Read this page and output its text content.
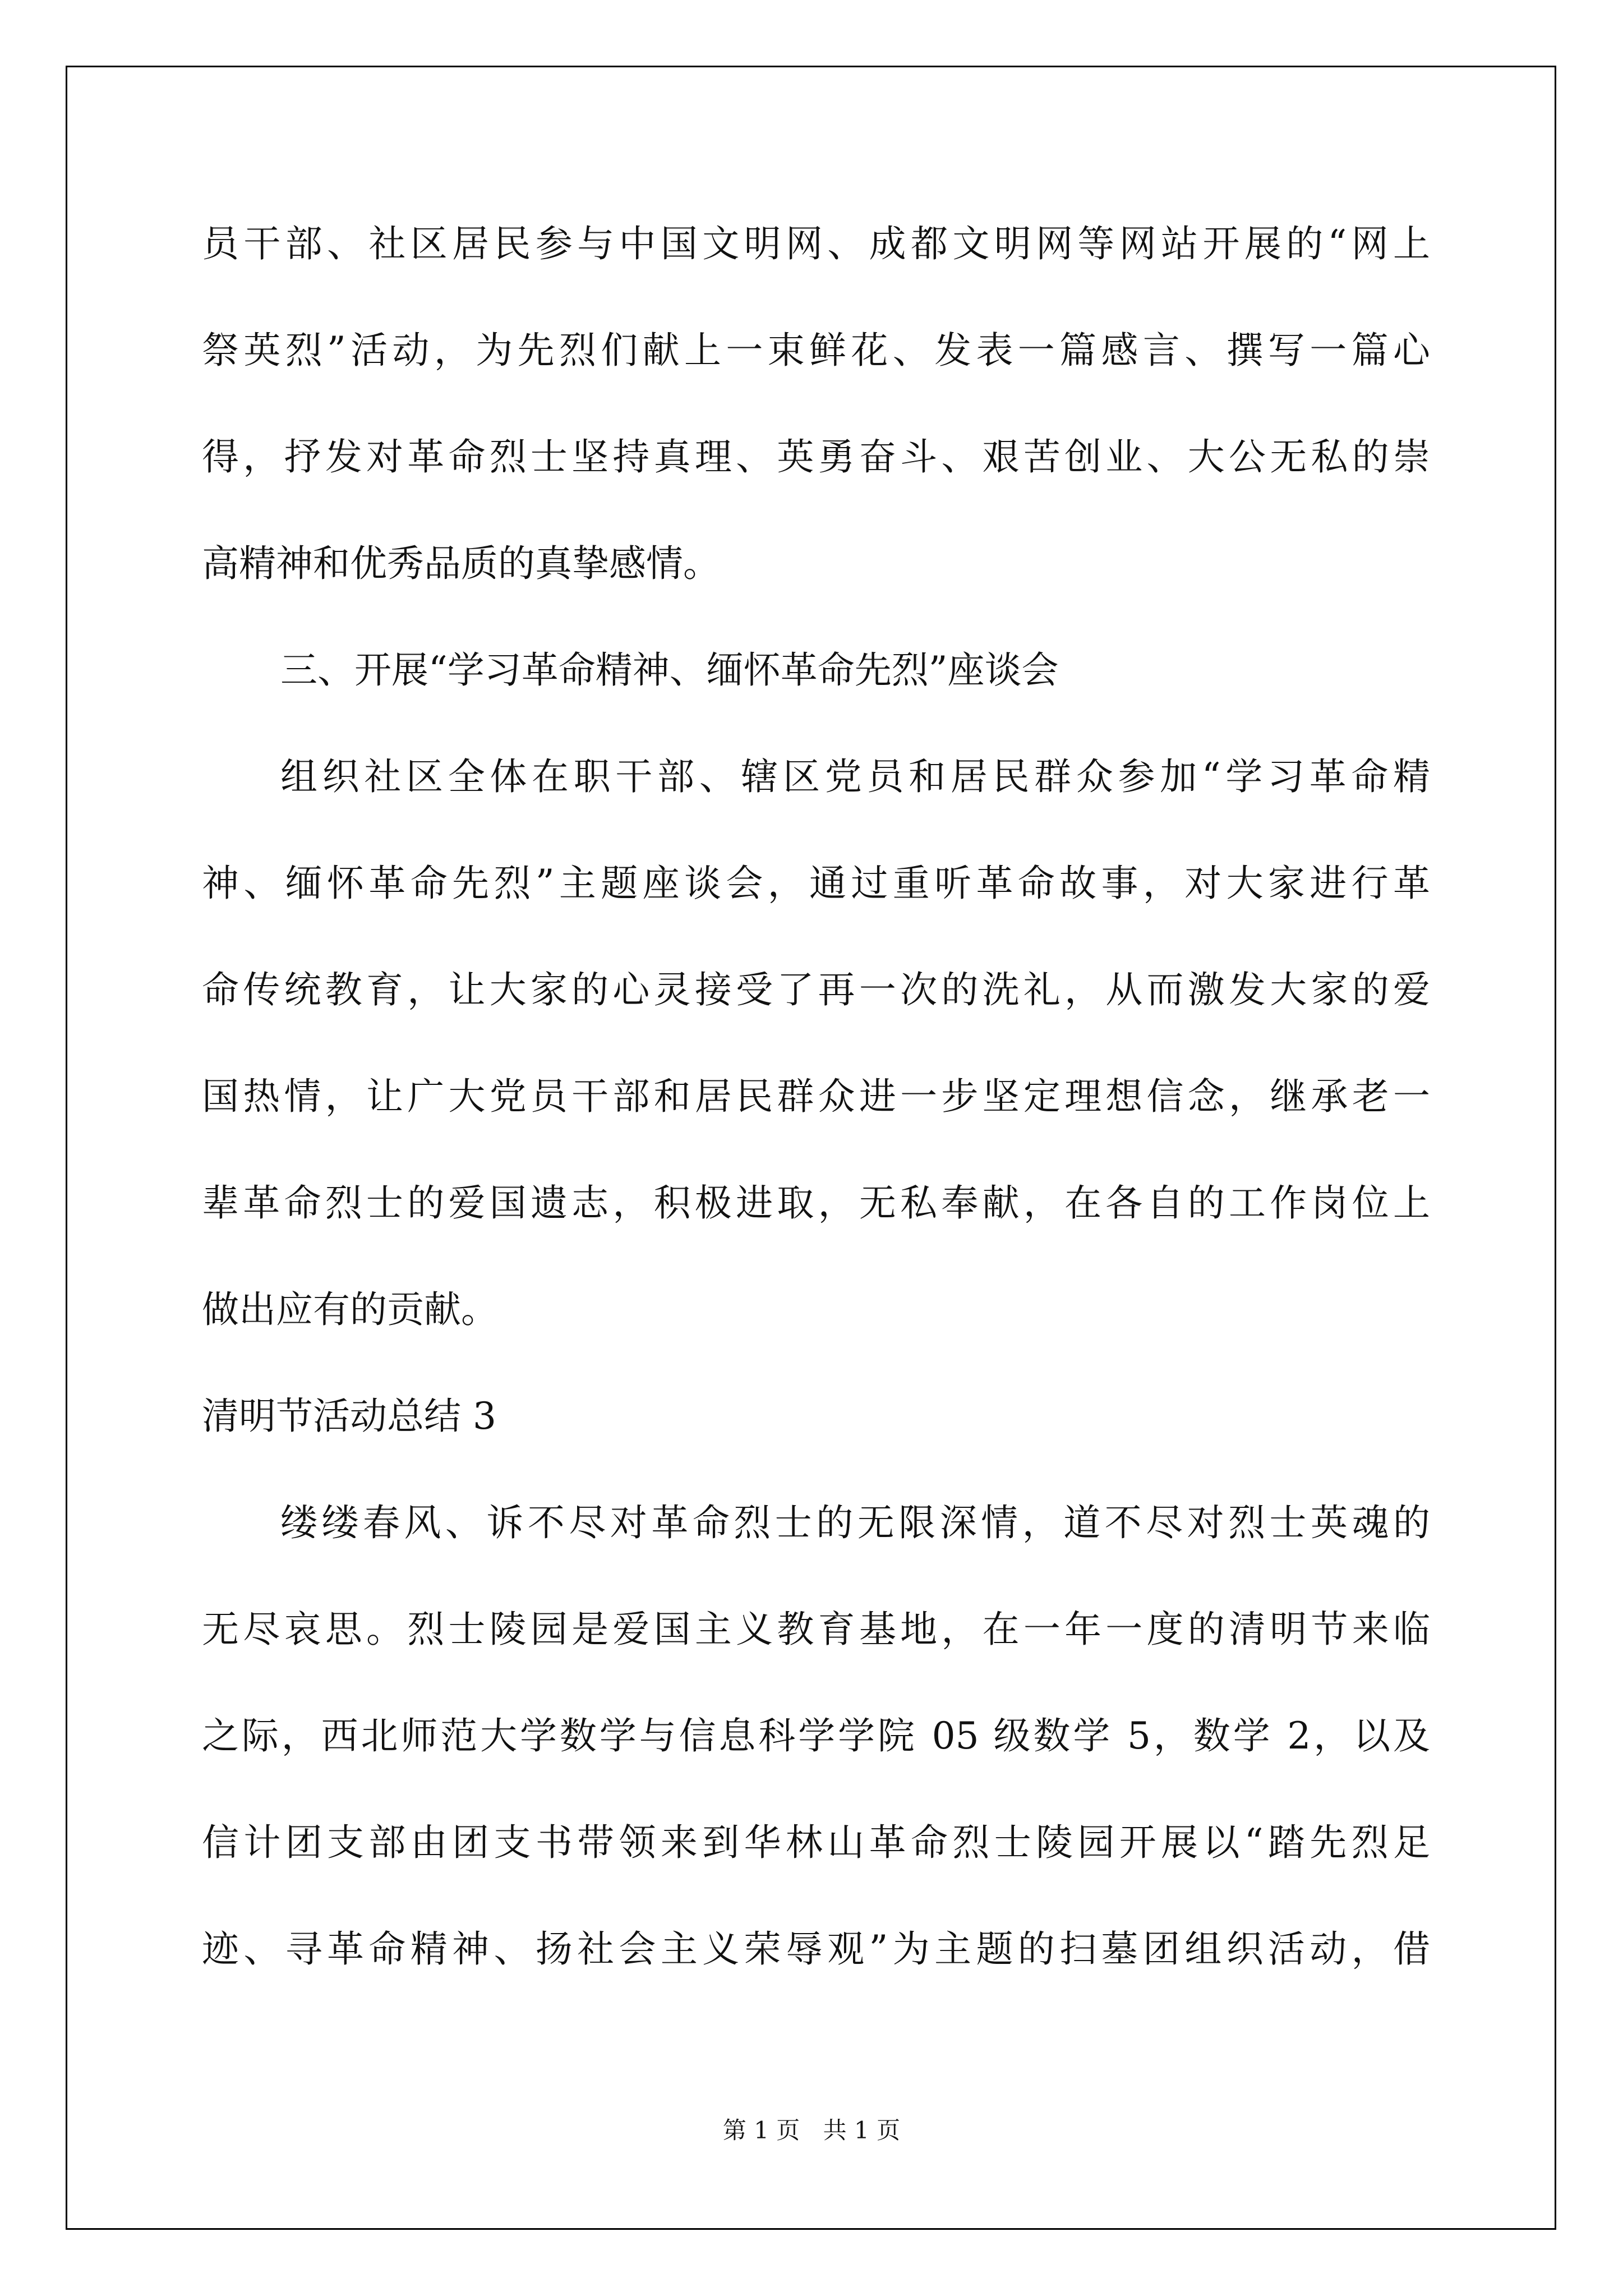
员干部、社区居民参与中国文明网、成都文明网等网站开展的“网上
祭英烈”活动，为先烈们献上一束鲜花、发表一篇感言、撰写一篇心
得，抒发对革命烈士坚持真理、英勇奋斗、艰苦创业、大公无私的崇
高精神和优秀品质的真挚感情。
三、开展“学习革命精神、缅怀革命先烈”座谈会
组织社区全体在职干部、辖区党员和居民群众参加“学习革命精
神、缅怀革命先烈”主题座谈会，通过重听革命故事，对大家进行革
命传统教育，让大家的心灵接受了再一次的洗礼，从而激发大家的爱
国热情，让广大党员干部和居民群众进一步坚定理想信念，继承老一
辈革命烈士的爱国遗志，积极进取，无私奉献，在各自的工作岗位上
做出应有的贡献。
清明节活动总结 3
缕缕春风、诉不尽对革命烈士的无限深情，道不尽对烈士英魂的
无尽哀思。烈士陵园是爱国主义教育基地，在一年一度的清明节来临
之际，西北师范大学数学与信息科学学院 05 级数学 5，数学 2，以及
信计团支部由团支书带领来到华林山革命烈士陵园开展以“踏先烈足
迹、寻革命精神、扬社会主义荣辱观”为主题的扫墓团组织活动，借
第 1 页 共 1 页
